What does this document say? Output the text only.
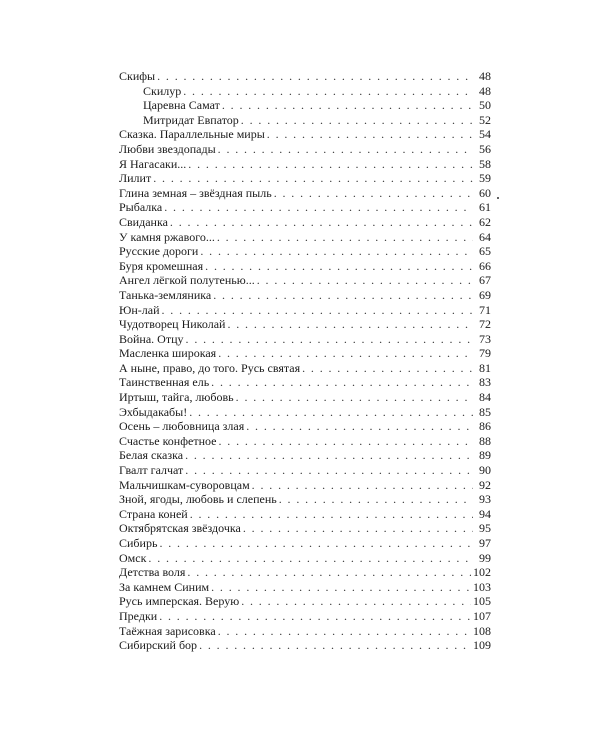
Скифы . . .	48
Скилур . . .	48
Царевна Самат . . .	50
Митридат Евпатор . . .	52
Сказка. Параллельные миры . . .	54
Любви звездопады . . .	56
Я Нагасаки... . . .	58
Лилит . . .	59
Глина земная – звёздная пыль . . .	60
Рыбалка . . .	61
Свиданка . . .	62
У камня ржавого... . . .	64
Русские дороги . . .	65
Буря кромешная . . .	66
Ангел лёгкой полутенью... . . .	67
Танька-земляника . . .	69
Юн-лай . . .	71
Чудотворец Николай . . .	72
Война. Отцу . . .	73
Масленка широкая . . .	79
А ныне, право, до того. Русь святая . . .	81
Таинственная ель . . .	83
Иртыш, тайга, любовь . . .	84
Эхбыдакабы! . . .	85
Осень – любовница злая . . .	86
Счастье конфетное . . .	88
Белая сказка . . .	89
Гвалт галчат . . .	90
Мальчишкам-суворовцам . . .	92
Зной, ягоды, любовь и слепень . . .	93
Страна коней . . .	94
Октябрятская звёздочка . . .	95
Сибирь . . .	97
Омск . . .	99
Детства воля . . .	102
За камнем Синим . . .	103
Русь имперская. Верую . . .	105
Предки . . .	107
Таёжная зарисовка . . .	108
Сибирский бор . . .	109
